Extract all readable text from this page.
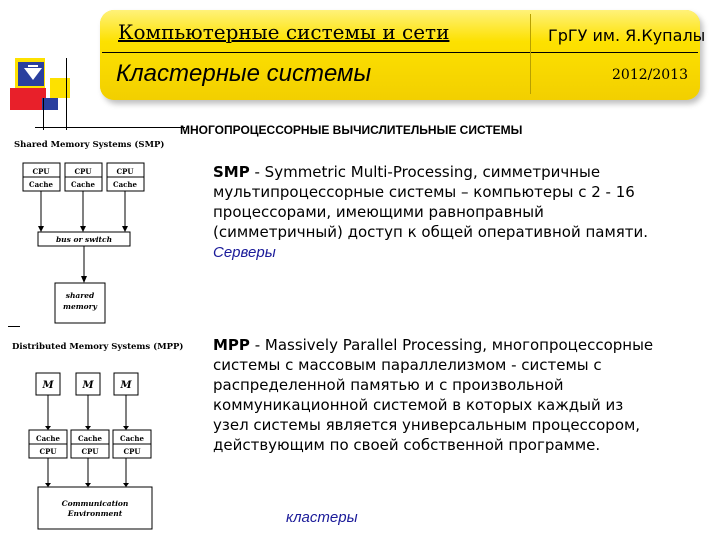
Компьютерные системы и сети	ГрГУ им. Я.Купалы
Кластерные системы	2012/2013
МНОГОПРОЦЕССОРНЫЕ ВЫЧИСЛИТЕЛЬНЫЕ СИСТЕМЫ
SMP - Symmetric Multi-Processing, симметричные мультипроцессорные системы – компьютеры с 2 - 16 процессорами, имеющими равноправный (симметричный) доступ к общей оперативной памяти.
Серверы
MPP - Massively Parallel Processing, многопроцессорные системы с массовым параллелизмом - системы с распределенной памятью и с произвольной коммуникационной системой в которых каждый из узел системы является универсальным процессором, действующим по своей собственной программе.
кластеры
Shared Memory Systems (SMP)
CPU	CPU	CPU
Cache	Cache	Cache
bus or switch
shared
memory
Distributed Memory Systems (MPP)
M	M	M
Cache	Cache	Cache
CPU	CPU	CPU
Communication
Environment
